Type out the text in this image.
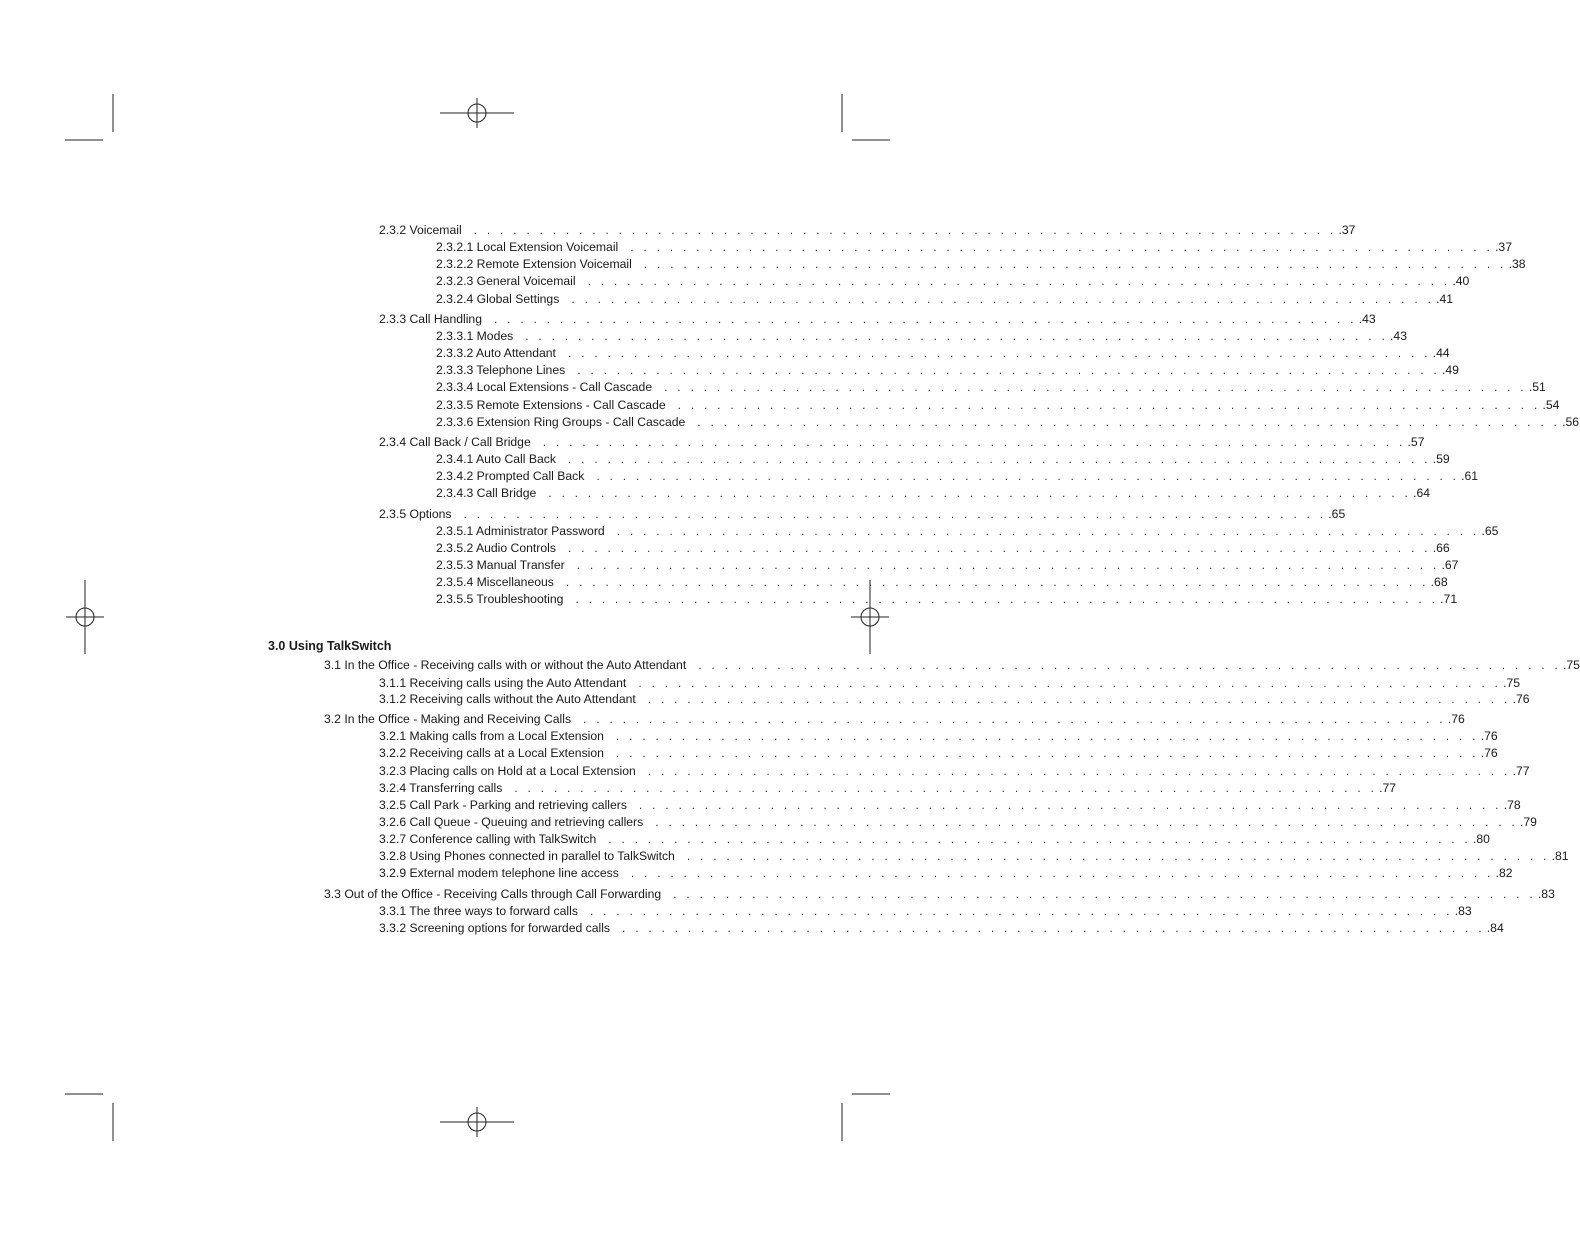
3.0 Using TalkSwitch
2.3.2 Voicemail . . . . . . . . . . . . . . . . . . . . . . . . . . . . . . . . . . . . . . . . . . . . . . . . . . . . . . . . . . . . . . . . . . .37
2.3.2.1 Local Extension Voicemail . . . . . . . . . . . . . . . . . . . . . . . . . . . . . . . . . . . . . . . . . . . . . . . . . . . . . . . . . . . . . . . . . . .37
2.3.2.2 Remote Extension Voicemail . . . . . . . . . . . . . . . . . . . . . . . . . . . . . . . . . . . . . . . . . . . . . . . . . . . . . . . . . . . . . . . . . . .38
2.3.2.3 General Voicemail . . . . . . . . . . . . . . . . . . . . . . . . . . . . . . . . . . . . . . . . . . . . . . . . . . . . . . . . . . . . . . . . . . .40
2.3.2.4 Global Settings . . . . . . . . . . . . . . . . . . . . . . . . . . . . . . . . . . . . . . . . . . . . . . . . . . . . . . . . . . . . . . . . . . .41
2.3.3 Call Handling . . . . . . . . . . . . . . . . . . . . . . . . . . . . . . . . . . . . . . . . . . . . . . . . . . . . . . . . . . . . . . . . . . .43
2.3.3.1 Modes . . . . . . . . . . . . . . . . . . . . . . . . . . . . . . . . . . . . . . . . . . . . . . . . . . . . . . . . . . . . . . . . . . .43
2.3.3.2 Auto Attendant . . . . . . . . . . . . . . . . . . . . . . . . . . . . . . . . . . . . . . . . . . . . . . . . . . . . . . . . . . . . . . . . . . .44
2.3.3.3 Telephone Lines . . . . . . . . . . . . . . . . . . . . . . . . . . . . . . . . . . . . . . . . . . . . . . . . . . . . . . . . . . . . . . . . . . .49
2.3.3.4 Local Extensions - Call Cascade . . . . . . . . . . . . . . . . . . . . . . . . . . . . . . . . . . . . . . . . . . . . . . . . . . . . . . . . . . . . . . . . . . .51
2.3.3.5 Remote Extensions - Call Cascade . . . . . . . . . . . . . . . . . . . . . . . . . . . . . . . . . . . . . . . . . . . . . . . . . . . . . . . . . . . . . . . . . . .54
2.3.3.6 Extension Ring Groups - Call Cascade . . . . . . . . . . . . . . . . . . . . . . . . . . . . . . . . . . . . . . . . . . . . . . . . . . . . . . . . . . . . . . . . . . .56
2.3.4 Call Back / Call Bridge . . . . . . . . . . . . . . . . . . . . . . . . . . . . . . . . . . . . . . . . . . . . . . . . . . . . . . . . . . . . . . . . . . .57
2.3.4.1 Auto Call Back . . . . . . . . . . . . . . . . . . . . . . . . . . . . . . . . . . . . . . . . . . . . . . . . . . . . . . . . . . . . . . . . . . .59
2.3.4.2 Prompted Call Back . . . . . . . . . . . . . . . . . . . . . . . . . . . . . . . . . . . . . . . . . . . . . . . . . . . . . . . . . . . . . . . . . . .61
2.3.4.3 Call Bridge . . . . . . . . . . . . . . . . . . . . . . . . . . . . . . . . . . . . . . . . . . . . . . . . . . . . . . . . . . . . . . . . . . .64
2.3.5 Options . . . . . . . . . . . . . . . . . . . . . . . . . . . . . . . . . . . . . . . . . . . . . . . . . . . . . . . . . . . . . . . . . . .65
2.3.5.1 Administrator Password . . . . . . . . . . . . . . . . . . . . . . . . . . . . . . . . . . . . . . . . . . . . . . . . . . . . . . . . . . . . . . . . . . .65
2.3.5.2 Audio Controls . . . . . . . . . . . . . . . . . . . . . . . . . . . . . . . . . . . . . . . . . . . . . . . . . . . . . . . . . . . . . . . . . . .66
2.3.5.3 Manual Transfer . . . . . . . . . . . . . . . . . . . . . . . . . . . . . . . . . . . . . . . . . . . . . . . . . . . . . . . . . . . . . . . . . . .67
2.3.5.4 Miscellaneous . . . . . . . . . . . . . . . . . . . . . . . . . . . . . . . . . . . . . . . . . . . . . . . . . . . . . . . . . . . . . . . . . . .68
2.3.5.5 Troubleshooting . . . . . . . . . . . . . . . . . . . . . . . . . . . . . . . . . . . . . . . . . . . . . . . . . . . . . . . . . . . . . . . . . . .71
3.1 In the Office - Receiving calls with or without the Auto Attendant . . . . . . . . . . . . . . . . . . . . . . . . . . . . . . . . . . . . . . . . . . . . . . . . . . . . . . . . . . . . . . . . . . .75
3.1.1 Receiving calls using the Auto Attendant . . . . . . . . . . . . . . . . . . . . . . . . . . . . . . . . . . . . . . . . . . . . . . . . . . . . . . . . . . . . . . . . . . .75
3.1.2 Receiving calls without the Auto Attendant . . . . . . . . . . . . . . . . . . . . . . . . . . . . . . . . . . . . . . . . . . . . . . . . . . . . . . . . . . . . . . . . . . .76
3.2 In the Office - Making and Receiving Calls . . . . . . . . . . . . . . . . . . . . . . . . . . . . . . . . . . . . . . . . . . . . . . . . . . . . . . . . . . . . . . . . . . .76
3.2.1 Making calls from a Local Extension . . . . . . . . . . . . . . . . . . . . . . . . . . . . . . . . . . . . . . . . . . . . . . . . . . . . . . . . . . . . . . . . . . .76
3.2.2 Receiving calls at a Local Extension . . . . . . . . . . . . . . . . . . . . . . . . . . . . . . . . . . . . . . . . . . . . . . . . . . . . . . . . . . . . . . . . . . .76
3.2.3 Placing calls on Hold at a Local Extension . . . . . . . . . . . . . . . . . . . . . . . . . . . . . . . . . . . . . . . . . . . . . . . . . . . . . . . . . . . . . . . . . . .77
3.2.4 Transferring calls . . . . . . . . . . . . . . . . . . . . . . . . . . . . . . . . . . . . . . . . . . . . . . . . . . . . . . . . . . . . . . . . . . .77
3.2.5 Call Park - Parking and retrieving callers . . . . . . . . . . . . . . . . . . . . . . . . . . . . . . . . . . . . . . . . . . . . . . . . . . . . . . . . . . . . . . . . . . .78
3.2.6 Call Queue - Queuing and retrieving callers . . . . . . . . . . . . . . . . . . . . . . . . . . . . . . . . . . . . . . . . . . . . . . . . . . . . . . . . . . . . . . . . . . .79
3.2.7 Conference calling with TalkSwitch . . . . . . . . . . . . . . . . . . . . . . . . . . . . . . . . . . . . . . . . . . . . . . . . . . . . . . . . . . . . . . . . . . .80
3.2.8 Using Phones connected in parallel to TalkSwitch . . . . . . . . . . . . . . . . . . . . . . . . . . . . . . . . . . . . . . . . . . . . . . . . . . . . . . . . . . . . . . . . . . .81
3.2.9 External modem telephone line access . . . . . . . . . . . . . . . . . . . . . . . . . . . . . . . . . . . . . . . . . . . . . . . . . . . . . . . . . . . . . . . . . . .82
3.3 Out of the Office - Receiving Calls through Call Forwarding . . . . . . . . . . . . . . . . . . . . . . . . . . . . . . . . . . . . . . . . . . . . . . . . . . . . . . . . . . . . . . . . . . .83
3.3.1 The three ways to forward calls . . . . . . . . . . . . . . . . . . . . . . . . . . . . . . . . . . . . . . . . . . . . . . . . . . . . . . . . . . . . . . . . . . .83
3.3.2 Screening options for forwarded calls . . . . . . . . . . . . . . . . . . . . . . . . . . . . . . . . . . . . . . . . . . . . . . . . . . . . . . . . . . . . . . . . . . .84
